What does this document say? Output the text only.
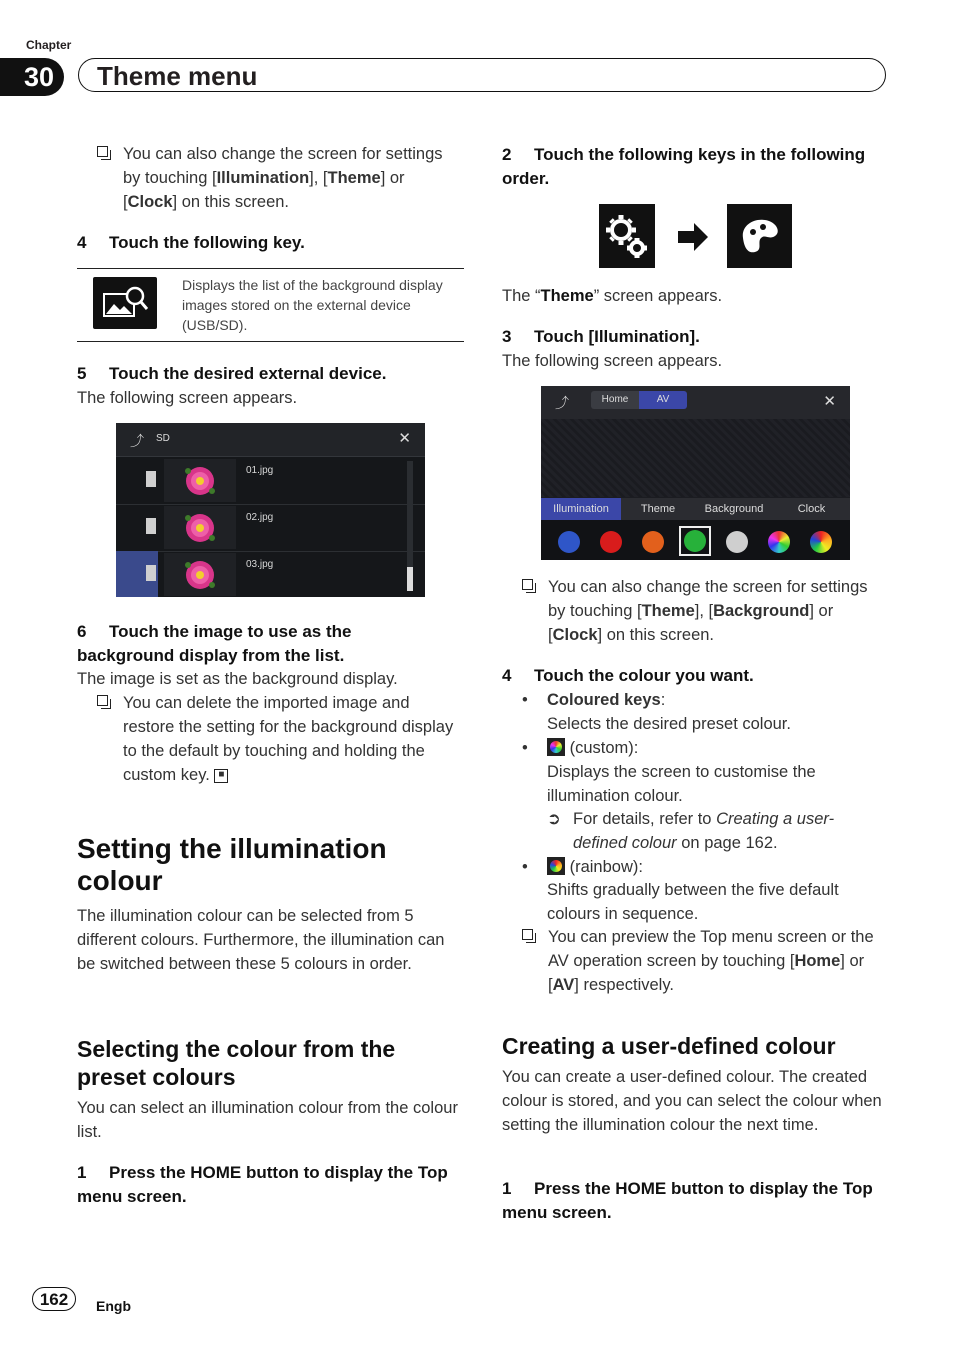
Chapter
30	Theme menu
You can also change the screen for settings by touching [Illumination], [Theme] or [Clock] on this screen.
4 Touch the following key.
Displays the list of the background display images stored on the external device (USB/SD).
5 Touch the desired external device.
The following screen appears.
⤴ SD	✕
01.jpg
02.jpg
03.jpg
6 Touch the image to use as the background display from the list.
The image is set as the background display.
You can delete the imported image and restore the setting for the background display to the default by touching and holding the custom key. ■
Setting the illumination colour
The illumination colour can be selected from 5 different colours. Furthermore, the illumination can be switched between these 5 colours in order.
Selecting the colour from the preset colours
You can select an illumination colour from the colour list.
1 Press the HOME button to display the Top menu screen.
2 Touch the following keys in the following order.
The “Theme” screen appears.
3 Touch [Illumination].
The following screen appears.
⤴	Home	AV	✕
Illumination	Theme	Background	Clock
You can also change the screen for settings by touching [Theme], [Background] or [Clock] on this screen.
4 Touch the colour you want.
• Coloured keys:
Selects the desired preset colour.
•	(custom):
Displays the screen to customise the illumination colour.
➲ For details, refer to Creating a user-defined colour on page 162.
•	(rainbow):
Shifts gradually between the five default colours in sequence.
You can preview the Top menu screen or the AV operation screen by touching [Home] or [AV] respectively.
Creating a user-defined colour
You can create a user-defined colour. The created colour is stored, and you can select the colour when setting the illumination colour the next time.
1 Press the HOME button to display the Top menu screen.
162	Engb
